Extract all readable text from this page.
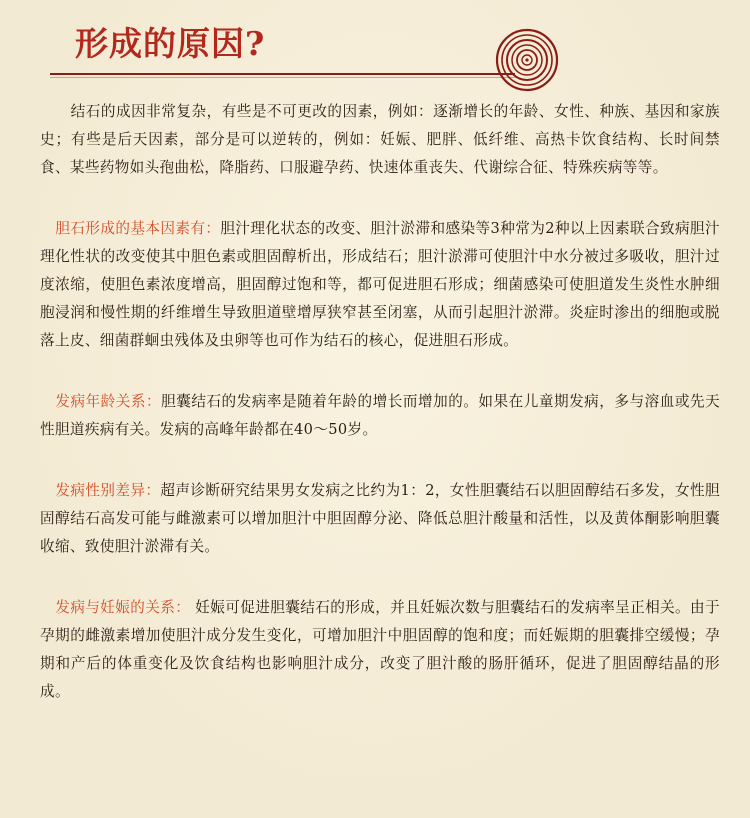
形成的原因?

结石的成因非常复杂，有些是不可更改的因素，例如：逐渐增长的年龄、女性、种族、基因和家族史；有些是后天因素，部分是可以逆转的，例如：妊娠、肥胖、低纤维、高热卡饮食结构、长时间禁食、某些药物如头孢曲松，降脂药、口服避孕药、快速体重丧失、代谢综合征、特殊疾病等等。

胆石形成的基本因素有：胆汁理化状态的改变、胆汁淤滞和感染等3种常为2种以上因素联合致病胆汁理化性状的改变使其中胆色素或胆固醇析出，形成结石；胆汁淤滞可使胆汁中水分被过多吸收，胆汁过度浓缩，使胆色素浓度增高，胆固醇过饱和等，都可促进胆石形成；细菌感染可使胆道发生炎性水肿细胞浸润和慢性期的纤维增生导致胆道壁增厚狭窄甚至闭塞，从而引起胆汁淤滞。炎症时渗出的细胞或脱落上皮、细菌群蛔虫残体及虫卵等也可作为结石的核心，促进胆石形成。

发病年龄关系：胆囊结石的发病率是随着年龄的增长而增加的。如果在儿童期发病，多与溶血或先天性胆道疾病有关。发病的高峰年龄都在40～50岁。

发病性别差异：超声诊断研究结果男女发病之比约为1：2，女性胆囊结石以胆固醇结石多发，女性胆固醇结石高发可能与雌激素可以增加胆汁中胆固醇分泌、降低总胆汁酸量和活性，以及黄体酮影响胆囊收缩、致使胆汁淤滞有关。

发病与妊娠的关系： 妊娠可促进胆囊结石的形成，并且妊娠次数与胆囊结石的发病率呈正相关。由于孕期的雌激素增加使胆汁成分发生变化，可增加胆汁中胆固醇的饱和度；而妊娠期的胆囊排空缓慢；孕期和产后的体重变化及饮食结构也影响胆汁成分，改变了胆汁酸的肠肝循环，促进了胆固醇结晶的形成。
